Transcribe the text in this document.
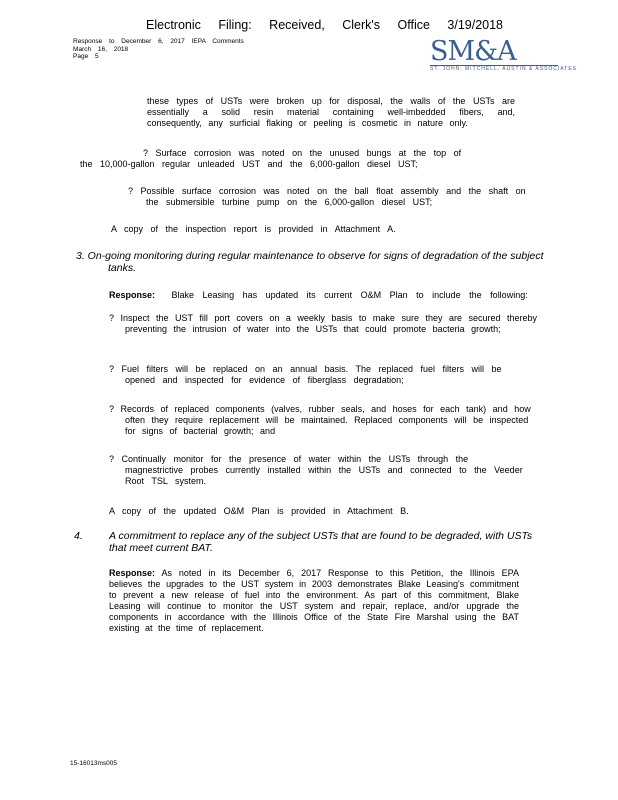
Electronic Filing: Received, Clerk's Office 3/19/2018
Response to December 6, 2017 IEPA Comments
March 16, 2018
Page 5	SM&A
ST. JOHN, MITCHELL, AUSTIN & ASSOCIATES
these types of USTs were broken up for disposal, the walls of the USTs are essentially a solid resin material containing well-imbedded fibers, and, consequently, any surficial flaking or peeling is cosmetic in nature only.
? Surface corrosion was noted on the unused bungs at the top of the 10,000-gallon regular unleaded UST and the 6,000-gallon diesel UST;
? Possible surface corrosion was noted on the ball float assembly and the shaft on the submersible turbine pump on the 6,000-gallon diesel UST;
A copy of the inspection report is provided in Attachment A.
3. On-going monitoring during regular maintenance to observe for signs of degradation of the subject tanks.
Response: Blake Leasing has updated its current O&M Plan to include the following:
? Inspect the UST fill port covers on a weekly basis to make sure they are secured thereby preventing the intrusion of water into the USTs that could promote bacteria growth;
? Fuel filters will be replaced on an annual basis. The replaced fuel filters will be opened and inspected for evidence of fiberglass degradation;
? Records of replaced components (valves, rubber seals, and hoses for each tank) and how often they require replacement will be maintained. Replaced components will be inspected for signs of bacterial growth; and
? Continually monitor for the presence of water within the USTs through the magnestrictive probes currently installed within the USTs and connected to the Veeder Root TSL system.
A copy of the updated O&M Plan is provided in Attachment B.
4. A commitment to replace any of the subject USTs that are found to be degraded, with USTs that meet current BAT.
Response: As noted in its December 6, 2017 Response to this Petition, the Illinois EPA believes the upgrades to the UST system in 2003 demonstrates Blake Leasing's commitment to prevent a new release of fuel into the environment. As part of this commitment, Blake Leasing will continue to monitor the UST system and repair, replace, and/or upgrade the components in accordance with the Illinois Office of the State Fire Marshal using the BAT existing at the time of replacement.
15-16013ms005
